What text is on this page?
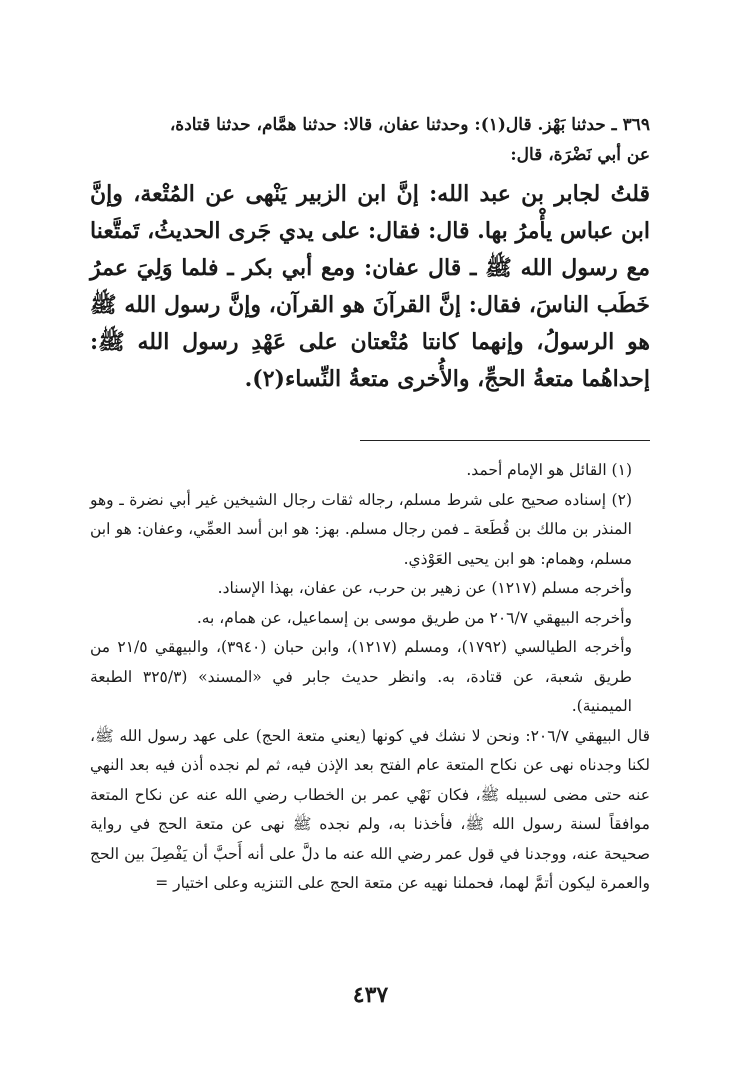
٣٦٩ ـ حدثنا بَهْز. قال(١): وحدثنا عفان، قالا: حدثنا همَّام، حدثنا قتادة،

عن أبي نَضْرَة، قال:

قلتُ لجابر بن عبد الله: إنَّ ابن الزبير يَنْهى عن المُتْعة، وإنَّ ابن عباس يأْمرُ بها. قال: فقال: على يدي جَرى الحديثُ، تَمتَّعنا مع رسول الله ﷺ ـ قال عفان: ومع أبي بكر ـ فلما وَلِيَ عمرُ خَطَب الناسَ، فقال: إنَّ القرآنَ هو القرآن، وإنَّ رسول الله ﷺ هو الرسولُ، وإنهما كانتا مُتْعتان على عَهْدِ رسول الله ﷺ: إحداهُما متعةُ الحجِّ، والأُخرى متعةُ النِّساء(٢).

(١) القائل هو الإمام أحمد.

(٢) إسناده صحيح على شرط مسلم، رجاله ثقات رجال الشيخين غير أبي نضرة ـ وهو المنذر بن مالك بن قُطَعة ـ فمن رجال مسلم. بهز: هو ابن أسد العمِّي، وعفان: هو ابن مسلم، وهمام: هو ابن يحيى العَوْذي.

وأخرجه مسلم (١٢١٧) عن زهير بن حرب، عن عفان، بهذا الإسناد.

وأخرجه البيهقي ٢٠٦/٧ من طريق موسى بن إسماعيل، عن همام، به.

وأخرجه الطيالسي (١٧٩٢)، ومسلم (١٢١٧)، وابن حبان (٣٩٤٠)، والبيهقي ٢١/٥ من طريق شعبة، عن قتادة، به. وانظر حديث جابر في «المسند» (٣٢٥/٣ الطبعة الميمنية).

قال البيهقي ٢٠٦/٧: ونحن لا نشك في كونها (يعني متعة الحج) على عهد رسول الله ﷺ، لكنا وجدناه نهى عن نكاح المتعة عام الفتح بعد الإذن فيه، ثم لم نجده أذن فيه بعد النهي عنه حتى مضى لسبيله ﷺ، فكان نَهْي عمر بن الخطاب رضي الله عنه عن نكاح المتعة موافقاً لسنة رسول الله ﷺ، فأخذنا به، ولم نجده ﷺ نهى عن متعة الحج في رواية صحيحة عنه، ووجدنا في قول عمر رضي الله عنه ما دلَّ على أنه أَحبَّ أن يَفْصِلَ بين الحج والعمرة ليكون أتمَّ لهما، فحملنا نهيه عن متعة الحج على التنزيه وعلى اختيار =

٤٣٧
